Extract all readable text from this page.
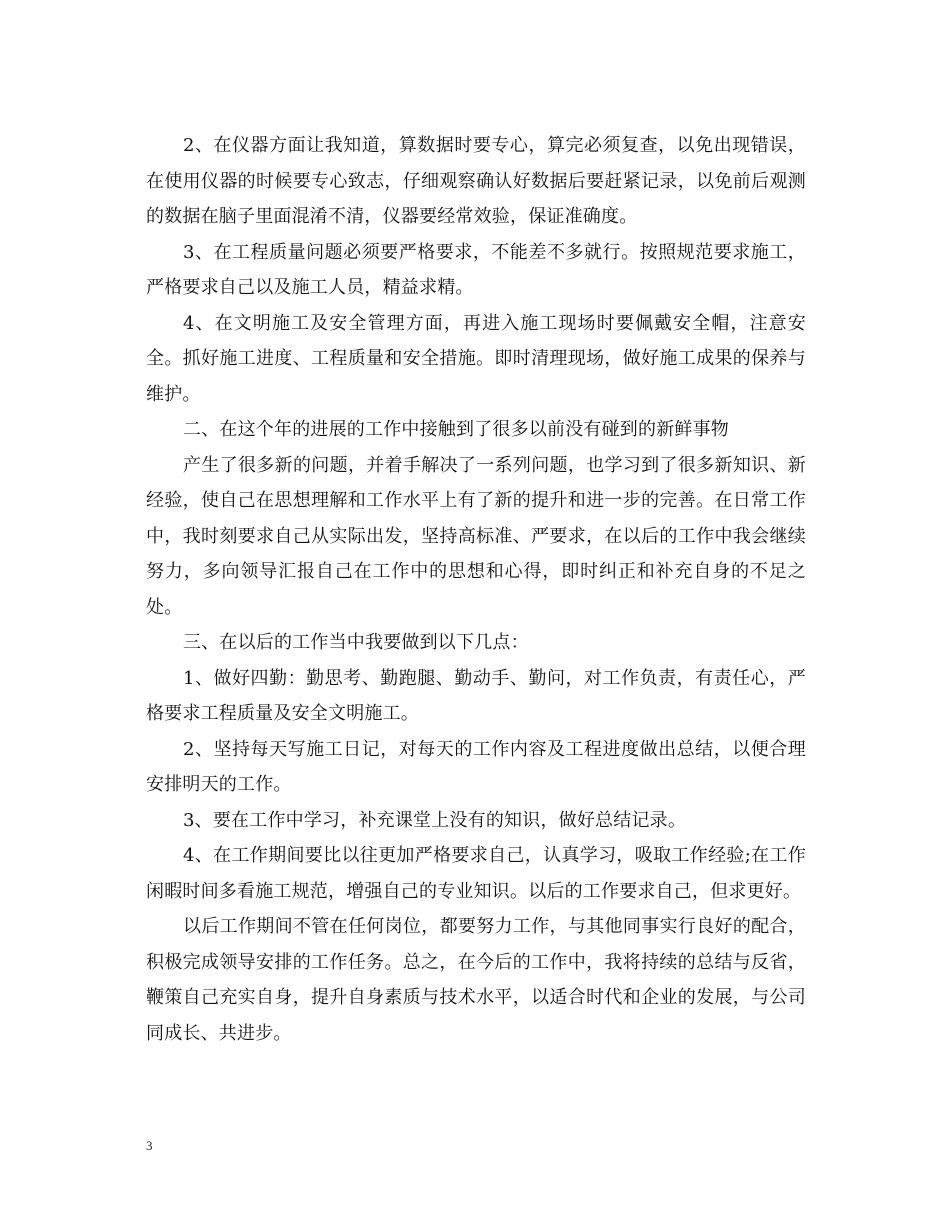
2、在仪器方面让我知道，算数据时要专心，算完必须复查，以免出现错误，在使用仪器的时候要专心致志，仔细观察确认好数据后要赶紧记录，以免前后观测的数据在脑子里面混淆不清，仪器要经常效验，保证准确度。

3、在工程质量问题必须要严格要求，不能差不多就行。按照规范要求施工，严格要求自己以及施工人员，精益求精。

4、在文明施工及安全管理方面，再进入施工现场时要佩戴安全帽，注意安全。抓好施工进度、工程质量和安全措施。即时清理现场，做好施工成果的保养与维护。

二、在这个年的进展的工作中接触到了很多以前没有碰到的新鲜事物

产生了很多新的问题，并着手解决了一系列问题，也学习到了很多新知识、新经验，使自己在思想理解和工作水平上有了新的提升和进一步的完善。在日常工作中，我时刻要求自己从实际出发，坚持高标准、严要求，在以后的工作中我会继续努力，多向领导汇报自己在工作中的思想和心得，即时纠正和补充自身的不足之处。

三、在以后的工作当中我要做到以下几点：

1、做好四勤：勤思考、勤跑腿、勤动手、勤问，对工作负责，有责任心，严格要求工程质量及安全文明施工。

2、坚持每天写施工日记，对每天的工作内容及工程进度做出总结，以便合理安排明天的工作。

3、要在工作中学习，补充课堂上没有的知识，做好总结记录。

4、在工作期间要比以往更加严格要求自己，认真学习，吸取工作经验;在工作闲暇时间多看施工规范，增强自己的专业知识。以后的工作要求自己，但求更好。

以后工作期间不管在任何岗位，都要努力工作，与其他同事实行良好的配合，积极完成领导安排的工作任务。总之，在今后的工作中，我将持续的总结与反省，鞭策自己充实自身，提升自身素质与技术水平，以适合时代和企业的发展，与公司同成长、共进步。

3
